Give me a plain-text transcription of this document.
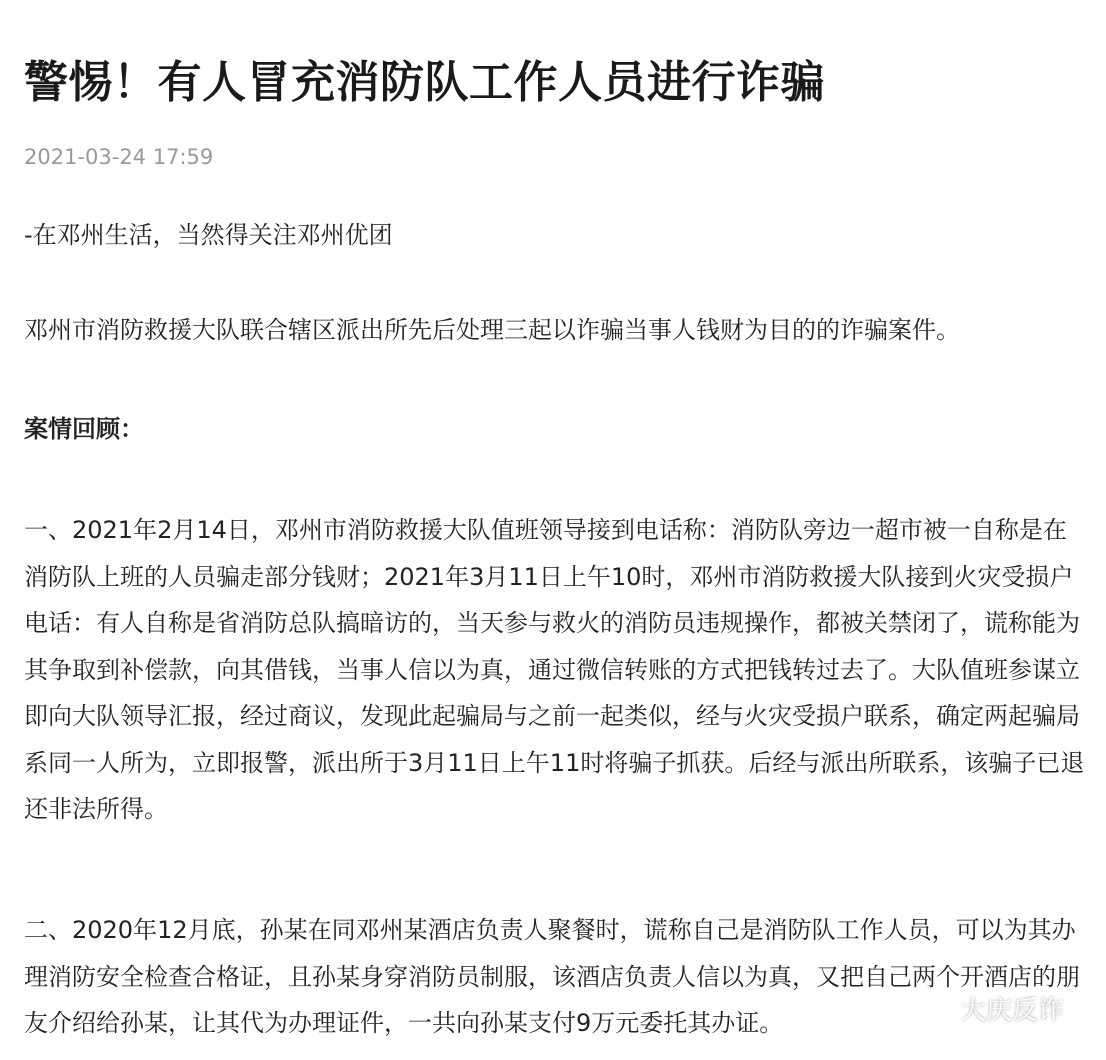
警惕！有人冒充消防队工作人员进行诈骗
2021-03-24 17:59

-在邓州生活，当然得关注邓州优团

邓州市消防救援大队联合辖区派出所先后处理三起以诈骗当事人钱财为目的的诈骗案件。

案情回顾：

一、2021年2月14日，邓州市消防救援大队值班领导接到电话称：消防队旁边一超市被一自称是在消防队上班的人员骗走部分钱财；2021年3月11日上午10时，邓州市消防救援大队接到火灾受损户电话：有人自称是省消防总队搞暗访的，当天参与救火的消防员违规操作，都被关禁闭了，谎称能为其争取到补偿款，向其借钱，当事人信以为真，通过微信转账的方式把钱转过去了。大队值班参谋立即向大队领导汇报，经过商议，发现此起骗局与之前一起类似，经与火灾受损户联系，确定两起骗局系同一人所为，立即报警，派出所于3月11日上午11时将骗子抓获。后经与派出所联系，该骗子已退还非法所得。

二、2020年12月底，孙某在同邓州某酒店负责人聚餐时，谎称自己是消防队工作人员，可以为其办理消防安全检查合格证，且孙某身穿消防员制服，该酒店负责人信以为真，又把自己两个开酒店的朋友介绍给孙某，让其代为办理证件，一共向孙某支付9万元委托其办证。	大庆反诈
